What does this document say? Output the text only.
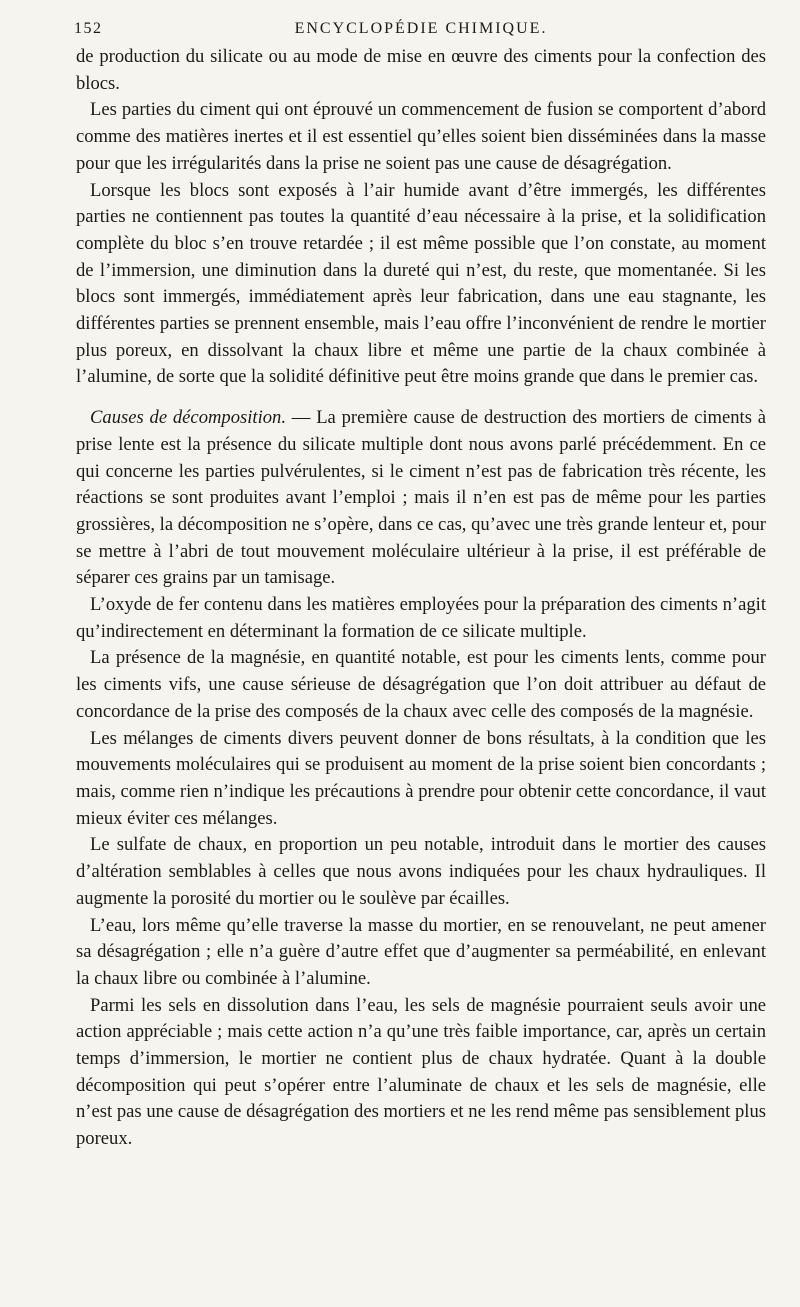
152	ENCYCLOPÉDIE CHIMIQUE.

de production du silicate ou au mode de mise en œuvre des ciments pour la confection des blocs.

Les parties du ciment qui ont éprouvé un commencement de fusion se comportent d’abord comme des matières inertes et il est essentiel qu’elles soient bien disséminées dans la masse pour que les irrégularités dans la prise ne soient pas une cause de désagrégation.

Lorsque les blocs sont exposés à l’air humide avant d’être immergés, les différentes parties ne contiennent pas toutes la quantité d’eau nécessaire à la prise, et la solidification complète du bloc s’en trouve retardée ; il est même possible que l’on constate, au moment de l’immersion, une diminution dans la dureté qui n’est, du reste, que momentanée. Si les blocs sont immergés, immédiatement après leur fabrication, dans une eau stagnante, les différentes parties se prennent ensemble, mais l’eau offre l’inconvénient de rendre le mortier plus poreux, en dissolvant la chaux libre et même une partie de la chaux combinée à l’alumine, de sorte que la solidité définitive peut être moins grande que dans le premier cas.

Causes de décomposition. — La première cause de destruction des mortiers de ciments à prise lente est la présence du silicate multiple dont nous avons parlé précédemment. En ce qui concerne les parties pulvérulentes, si le ciment n’est pas de fabrication très récente, les réactions se sont produites avant l’emploi ; mais il n’en est pas de même pour les parties grossières, la décomposition ne s’opère, dans ce cas, qu’avec une très grande lenteur et, pour se mettre à l’abri de tout mouvement moléculaire ultérieur à la prise, il est préférable de séparer ces grains par un tamisage.

L’oxyde de fer contenu dans les matières employées pour la préparation des ciments n’agit qu’indirectement en déterminant la formation de ce silicate multiple.

La présence de la magnésie, en quantité notable, est pour les ciments lents, comme pour les ciments vifs, une cause sérieuse de désagrégation que l’on doit attribuer au défaut de concordance de la prise des composés de la chaux avec celle des composés de la magnésie.

Les mélanges de ciments divers peuvent donner de bons résultats, à la condition que les mouvements moléculaires qui se produisent au moment de la prise soient bien concordants ; mais, comme rien n’indique les précautions à prendre pour obtenir cette concordance, il vaut mieux éviter ces mélanges.

Le sulfate de chaux, en proportion un peu notable, introduit dans le mortier des causes d’altération semblables à celles que nous avons indiquées pour les chaux hydrauliques. Il augmente la porosité du mortier ou le soulève par écailles.

L’eau, lors même qu’elle traverse la masse du mortier, en se renouvelant, ne peut amener sa désagrégation ; elle n’a guère d’autre effet que d’augmenter sa perméabilité, en enlevant la chaux libre ou combinée à l’alumine.

Parmi les sels en dissolution dans l’eau, les sels de magnésie pourraient seuls avoir une action appréciable ; mais cette action n’a qu’une très faible importance, car, après un certain temps d’immersion, le mortier ne contient plus de chaux hydratée. Quant à la double décomposition qui peut s’opérer entre l’aluminate de chaux et les sels de magnésie, elle n’est pas une cause de désagrégation des mortiers et ne les rend même pas sensiblement plus poreux.
